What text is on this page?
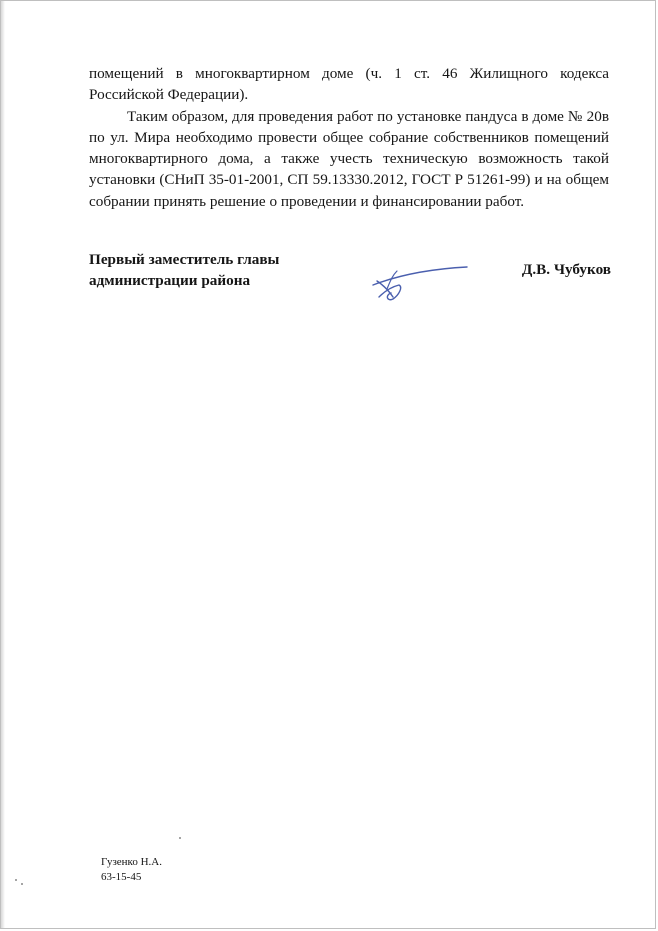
помещений в многоквартирном доме (ч. 1 ст. 46 Жилищного кодекса Российской Федерации).

Таким образом, для проведения работ по установке пандуса в доме № 20в по ул. Мира необходимо провести общее собрание собственников помещений многоквартирного дома, а также учесть техническую возможность такой установки (СНиП 35-01-2001, СП 59.13330.2012, ГОСТ Р 51261-99) и на общем собрании принять решение о проведении и финансировании работ.

Первый заместитель главы
администрации района
Д.В. Чубуков
Гузенко Н.А.
63-15-45
